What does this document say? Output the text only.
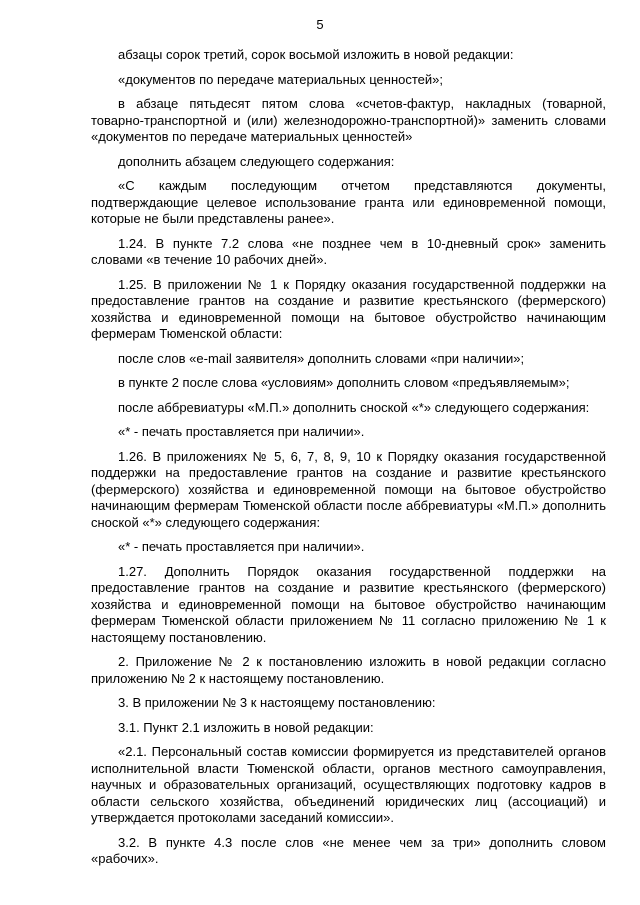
5

абзацы сорок третий, сорок восьмой изложить в новой редакции:

«документов по передаче материальных ценностей»;

в абзаце пятьдесят пятом слова «счетов-фактур, накладных (товарной, товарно-транспортной и (или) железнодорожно-транспортной)» заменить словами «документов по передаче материальных ценностей»

дополнить абзацем следующего содержания:

«С каждым последующим отчетом представляются документы, подтверждающие целевое использование гранта или единовременной помощи, которые не были представлены ранее».

1.24. В пункте 7.2 слова «не позднее чем в 10-дневный срок» заменить словами «в течение 10 рабочих дней».

1.25. В приложении № 1 к Порядку оказания государственной поддержки на предоставление грантов на создание и развитие крестьянского (фермерского) хозяйства и единовременной помощи на бытовое обустройство начинающим фермерам Тюменской области:

после слов «e-mail заявителя» дополнить словами «при наличии»;

в пункте 2 после слова «условиям» дополнить словом «предъявляемым»;

после аббревиатуры «М.П.» дополнить сноской «*» следующего содержания:

«* - печать проставляется при наличии».

1.26. В приложениях № 5, 6, 7, 8, 9, 10 к Порядку оказания государственной поддержки на предоставление грантов на создание и развитие крестьянского (фермерского) хозяйства и единовременной помощи на бытовое обустройство начинающим фермерам Тюменской области после аббревиатуры «М.П.» дополнить сноской «*» следующего содержания:

«* - печать проставляется при наличии».

1.27. Дополнить Порядок оказания государственной поддержки на предоставление грантов на создание и развитие крестьянского (фермерского) хозяйства и единовременной помощи на бытовое обустройство начинающим фермерам Тюменской области приложением № 11 согласно приложению № 1 к настоящему постановлению.

2. Приложение № 2 к постановлению изложить в новой редакции согласно приложению № 2 к настоящему постановлению.

3. В приложении № 3 к настоящему постановлению:

3.1. Пункт 2.1 изложить в новой редакции:

«2.1. Персональный состав комиссии формируется из представителей органов исполнительной власти Тюменской области, органов местного самоуправления, научных и образовательных организаций, осуществляющих подготовку кадров в области сельского хозяйства, объединений юридических лиц (ассоциаций) и утверждается протоколами заседаний комиссии».

3.2. В пункте 4.3 после слов «не менее чем за три» дополнить словом «рабочих».
